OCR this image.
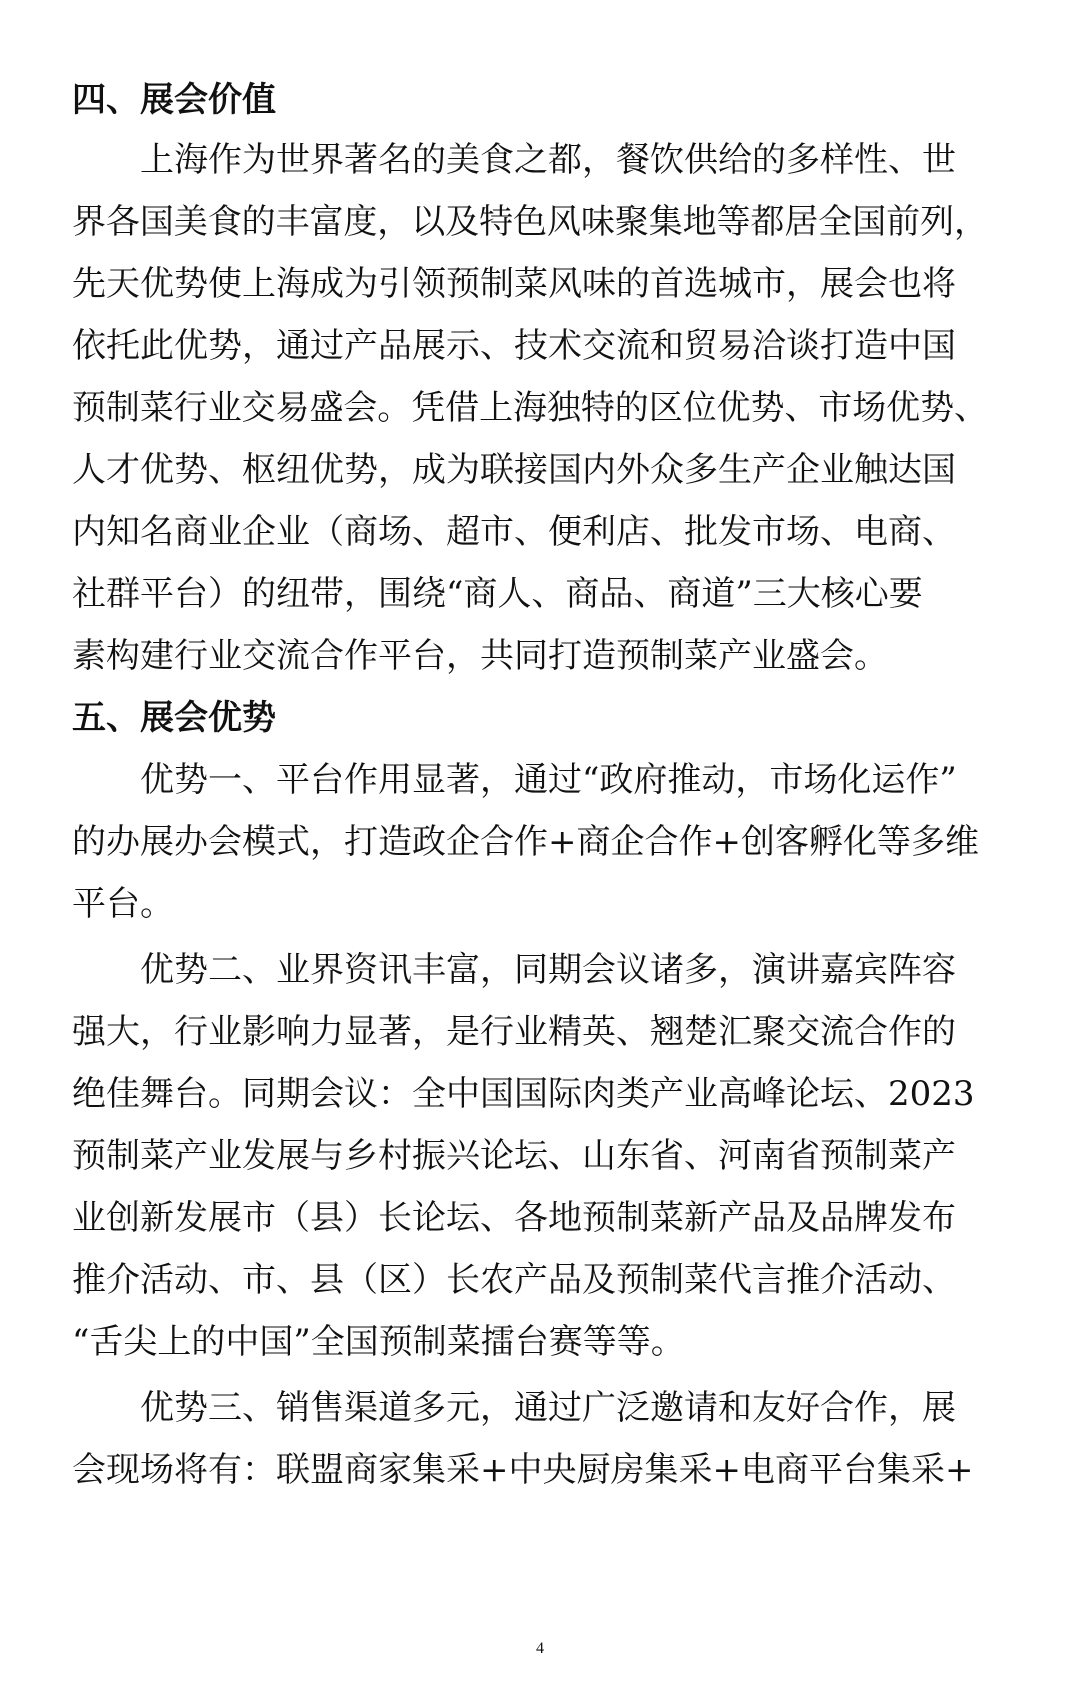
四、展会价值
　　上海作为世界著名的美食之都，餐饮供给的多样性、世
界各国美食的丰富度，以及特色风味聚集地等都居全国前列，
先天优势使上海成为引领预制菜风味的首选城市，展会也将
依托此优势，通过产品展示、技术交流和贸易洽谈打造中国
预制菜行业交易盛会。凭借上海独特的区位优势、市场优势、
人才优势、枢纽优势，成为联接国内外众多生产企业触达国
内知名商业企业（商场、超市、便利店、批发市场、电商、
社群平台）的纽带，围绕“商人、商品、商道”三大核心要
素构建行业交流合作平台，共同打造预制菜产业盛会。
五、展会优势
　　优势一、平台作用显著，通过“政府推动，市场化运作”
的办展办会模式，打造政企合作+商企合作+创客孵化等多维
平台。
　　优势二、业界资讯丰富，同期会议诸多，演讲嘉宾阵容
强大，行业影响力显著，是行业精英、翘楚汇聚交流合作的
绝佳舞台。同期会议：全中国国际肉类产业高峰论坛、2023
预制菜产业发展与乡村振兴论坛、山东省、河南省预制菜产
业创新发展市（县）长论坛、各地预制菜新产品及品牌发布
推介活动、市、县（区）长农产品及预制菜代言推介活动、
“舌尖上的中国”全国预制菜擂台赛等等。
　　优势三、销售渠道多元，通过广泛邀请和友好合作，展
会现场将有：联盟商家集采+中央厨房集采+电商平台集采+
4
